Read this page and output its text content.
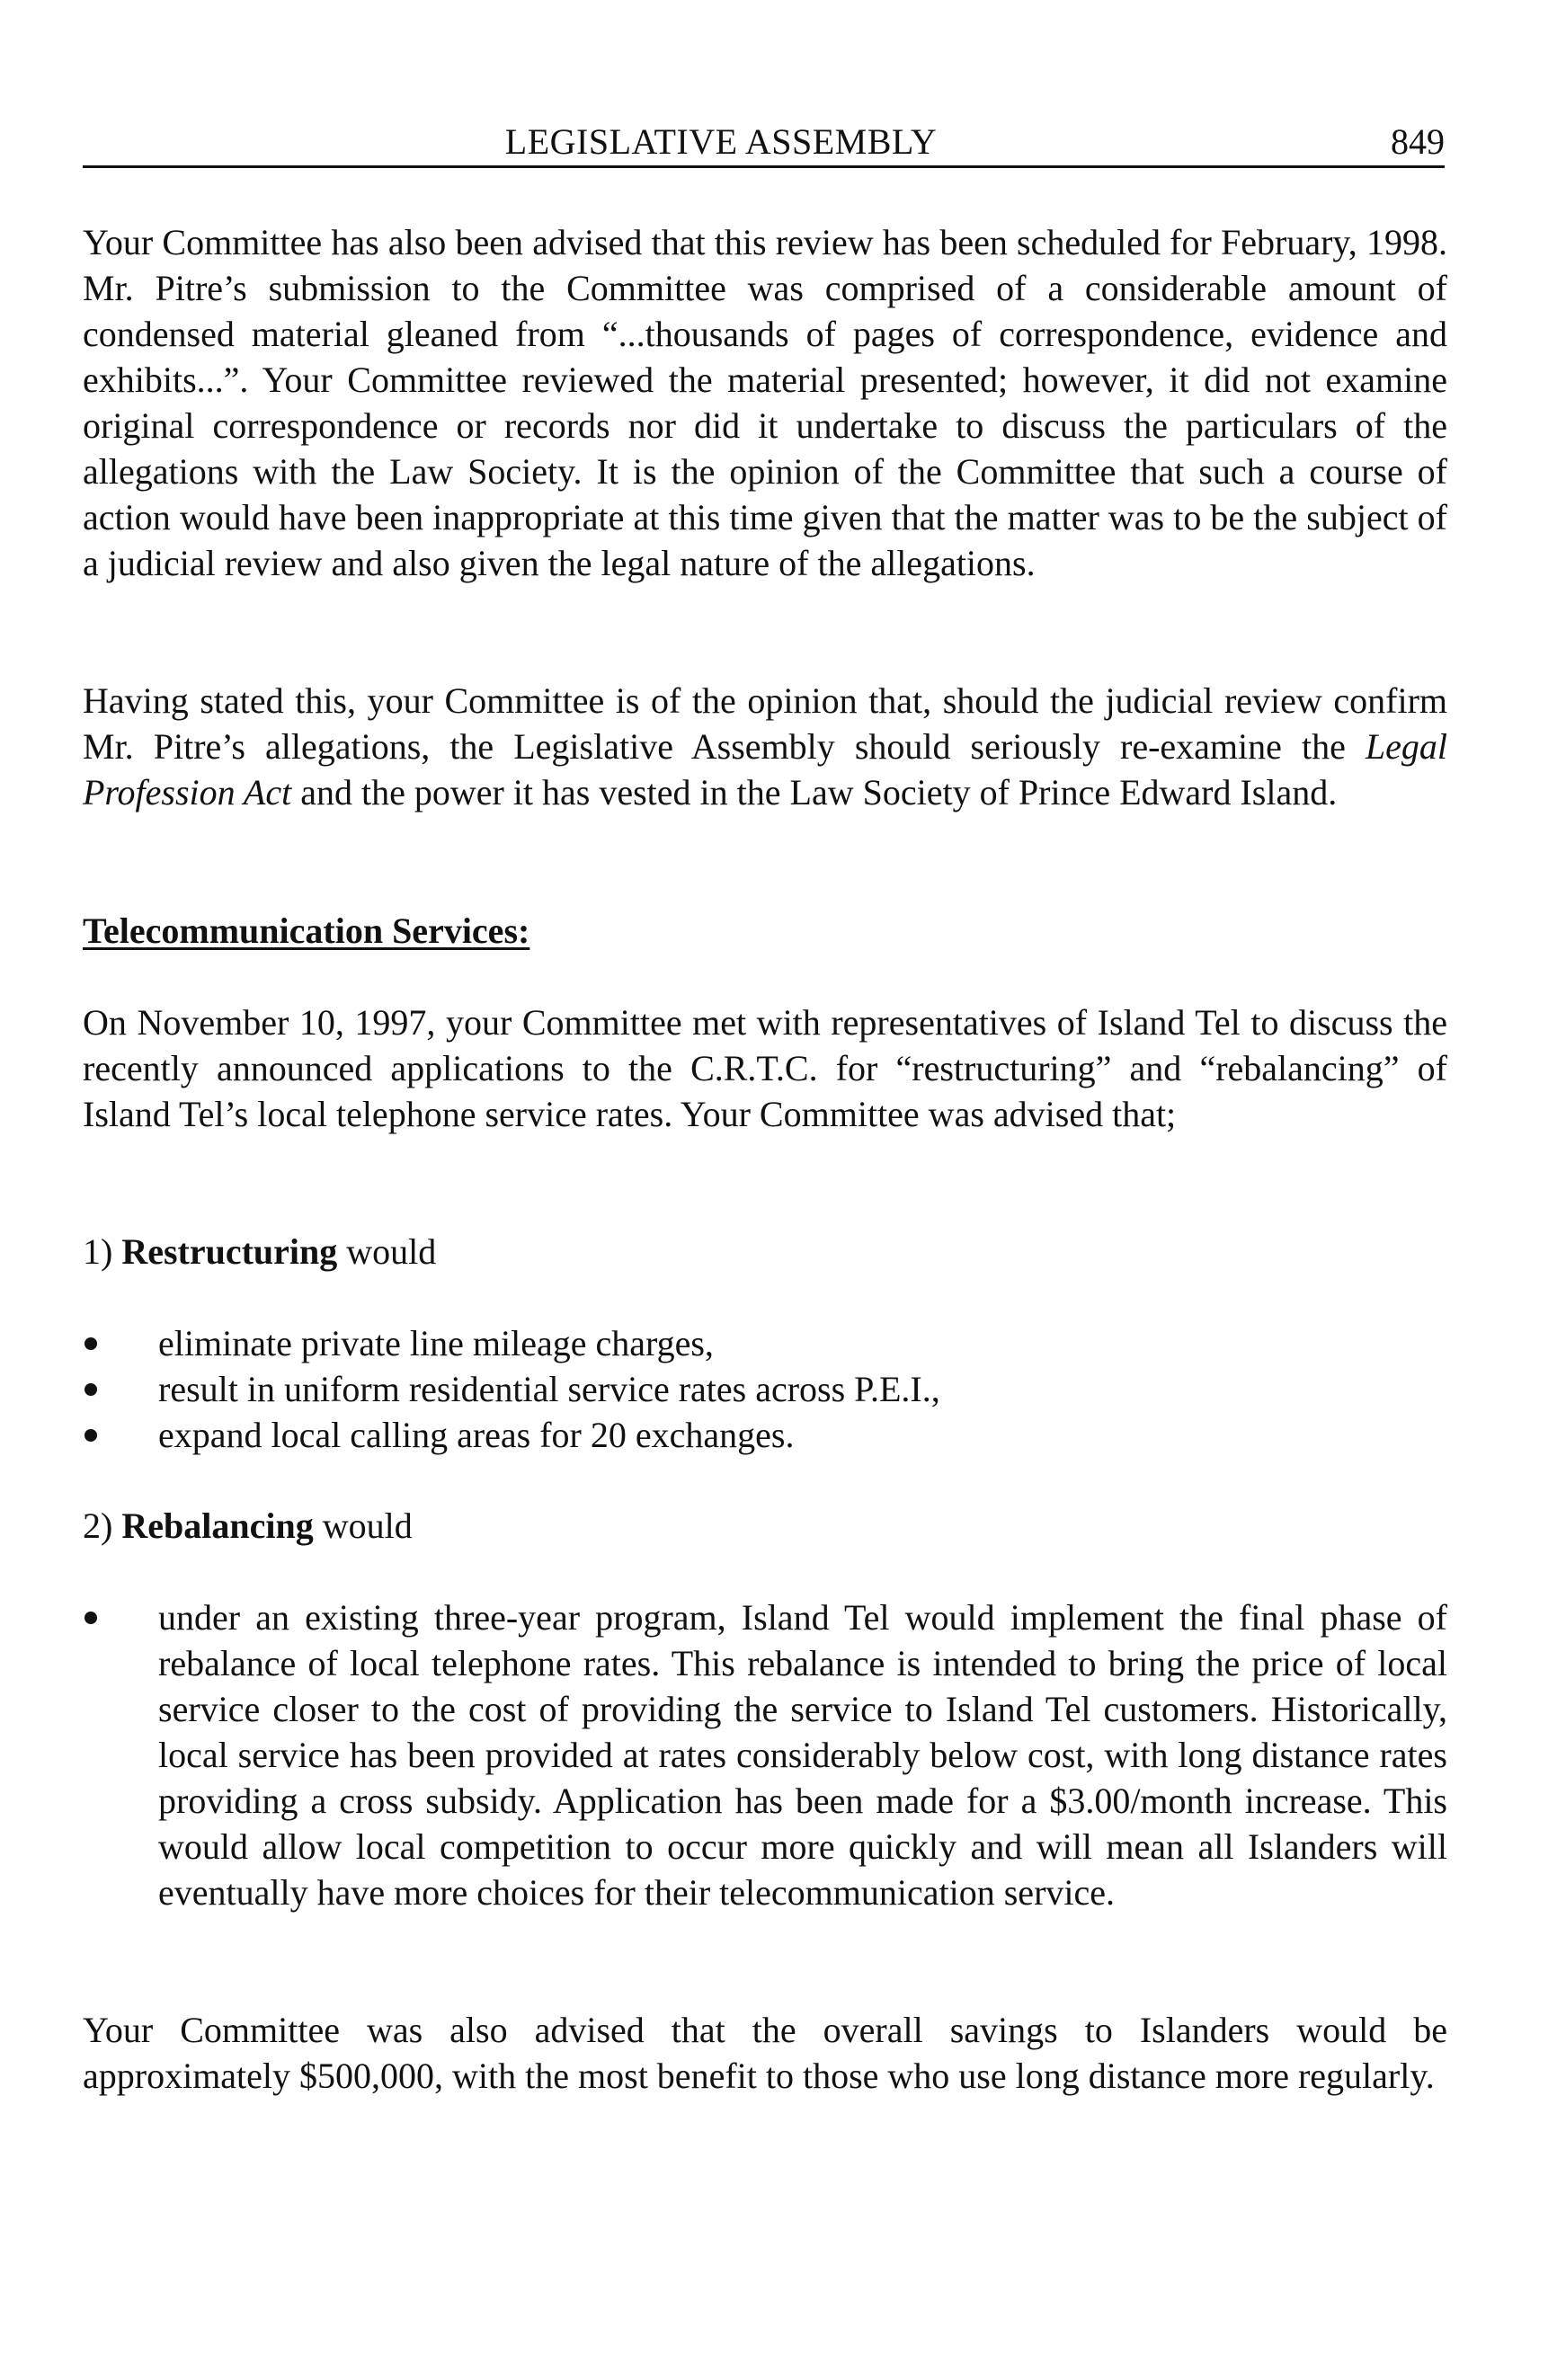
LEGISLATIVE ASSEMBLY	849

Your Committee has also been advised that this review has been scheduled for February, 1998. Mr. Pitre’s submission to the Committee was comprised of a considerable amount of condensed material gleaned from “...thousands of pages of correspondence, evidence and exhibits...”. Your Committee reviewed the material presented; however, it did not examine original correspondence or records nor did it undertake to discuss the particulars of the allegations with the Law Society. It is the opinion of the Committee that such a course of action would have been inappropriate at this time given that the matter was to be the subject of a judicial review and also given the legal nature of the allegations.

Having stated this, your Committee is of the opinion that, should the judicial review confirm Mr. Pitre’s allegations, the Legislative Assembly should seriously re-examine the Legal Profession Act and the power it has vested in the Law Society of Prince Edward Island.

Telecommunication Services:

On November 10, 1997, your Committee met with representatives of Island Tel to discuss the recently announced applications to the C.R.T.C. for “restructuring” and “rebalancing” of Island Tel’s local telephone service rates. Your Committee was advised that;

1) Restructuring would

eliminate private line mileage charges,
result in uniform residential service rates across P.E.I.,
expand local calling areas for 20 exchanges.

2) Rebalancing would

under an existing three-year program, Island Tel would implement the final phase of rebalance of local telephone rates. This rebalance is intended to bring the price of local service closer to the cost of providing the service to Island Tel customers. Historically, local service has been provided at rates considerably below cost, with long distance rates providing a cross subsidy. Application has been made for a $3.00/month increase. This would allow local competition to occur more quickly and will mean all Islanders will eventually have more choices for their telecommunication service.

Your Committee was also advised that the overall savings to Islanders would be approximately $500,000, with the most benefit to those who use long distance more regularly.
